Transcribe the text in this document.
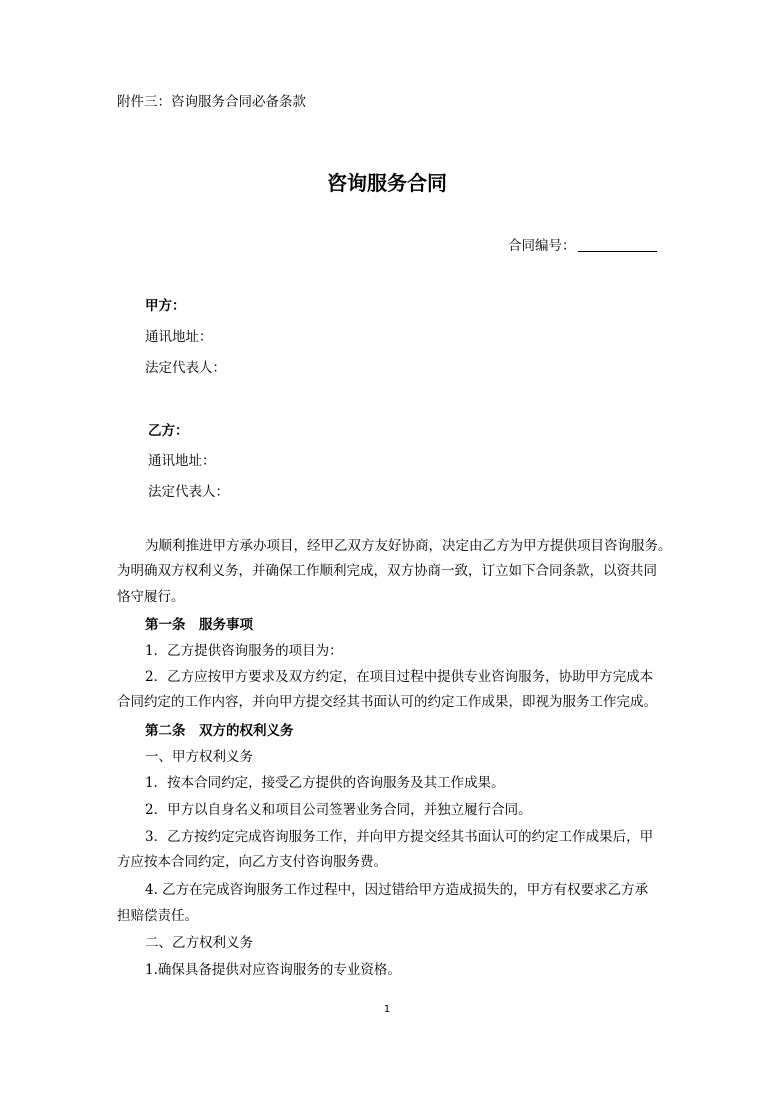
附件三：咨询服务合同必备条款
咨询服务合同
合同编号：
甲方：
通讯地址：
法定代表人：
乙方：
通讯地址：
法定代表人：
为顺利推进甲方承办项目，经甲乙双方友好协商，决定由乙方为甲方提供项目咨询服务。
为明确双方权利义务，并确保工作顺利完成，双方协商一致，订立如下合同条款，以资共同
恪守履行。
第一条　服务事项
1．乙方提供咨询服务的项目为：
2．乙方应按甲方要求及双方约定，在项目过程中提供专业咨询服务，协助甲方完成本
合同约定的工作内容，并向甲方提交经其书面认可的约定工作成果，即视为服务工作完成。
第二条　双方的权利义务
一、甲方权利义务
1．按本合同约定，接受乙方提供的咨询服务及其工作成果。
2．甲方以自身名义和项目公司签署业务合同，并独立履行合同。
3．乙方按约定完成咨询服务工作，并向甲方提交经其书面认可的约定工作成果后，甲
方应按本合同约定，向乙方支付咨询服务费。
4. 乙方在完成咨询服务工作过程中，因过错给甲方造成损失的，甲方有权要求乙方承
担赔偿责任。
二、乙方权利义务
1.确保具备提供对应咨询服务的专业资格。
1
